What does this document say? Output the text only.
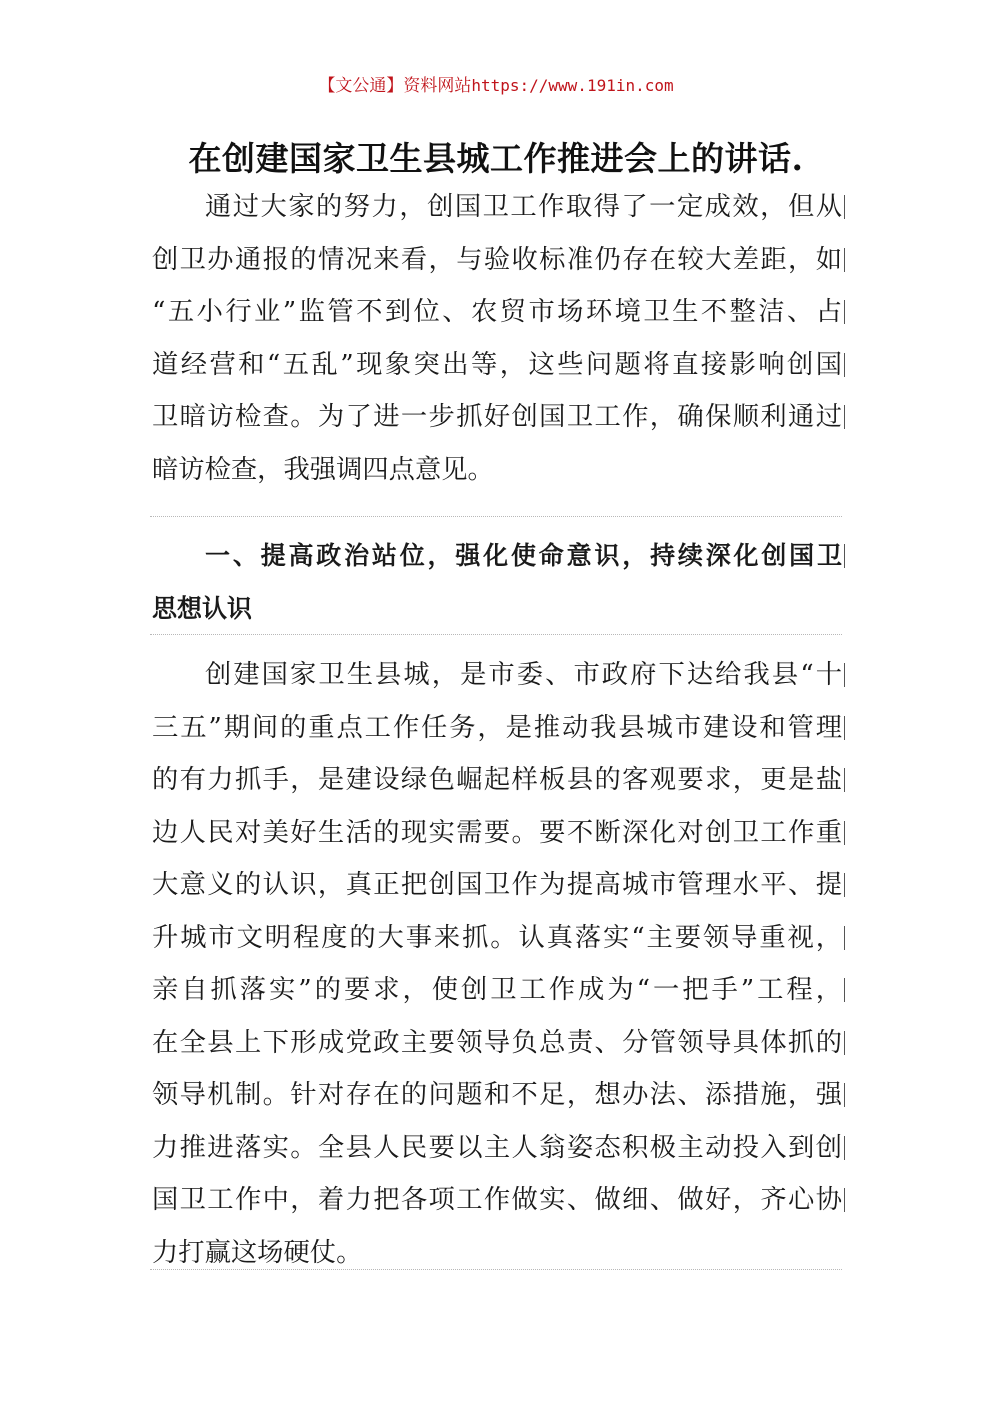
【文公通】资料网站https://www.191in.com
在创建国家卫生县城工作推进会上的讲话.
通过大家的努力，创国卫工作取得了一定成效，但从
创卫办通报的情况来看，与验收标准仍存在较大差距，如
“五小行业”监管不到位、农贸市场环境卫生不整洁、占
道经营和“五乱”现象突出等，这些问题将直接影响创国
卫暗访检查。为了进一步抓好创国卫工作，确保顺利通过
暗访检查，我强调四点意见。
一、提高政治站位，强化使命意识，持续深化创国卫
思想认识
创建国家卫生县城，是市委、市政府下达给我县“十
三五”期间的重点工作任务，是推动我县城市建设和管理
的有力抓手，是建设绿色崛起样板县的客观要求，更是盐
边人民对美好生活的现实需要。要不断深化对创卫工作重
大意义的认识，真正把创国卫作为提高城市管理水平、提
升城市文明程度的大事来抓。认真落实“主要领导重视，
亲自抓落实”的要求，使创卫工作成为“一把手”工程，
在全县上下形成党政主要领导负总责、分管领导具体抓的
领导机制。针对存在的问题和不足，想办法、添措施，强
力推进落实。全县人民要以主人翁姿态积极主动投入到创
国卫工作中，着力把各项工作做实、做细、做好，齐心协
力打赢这场硬仗。
